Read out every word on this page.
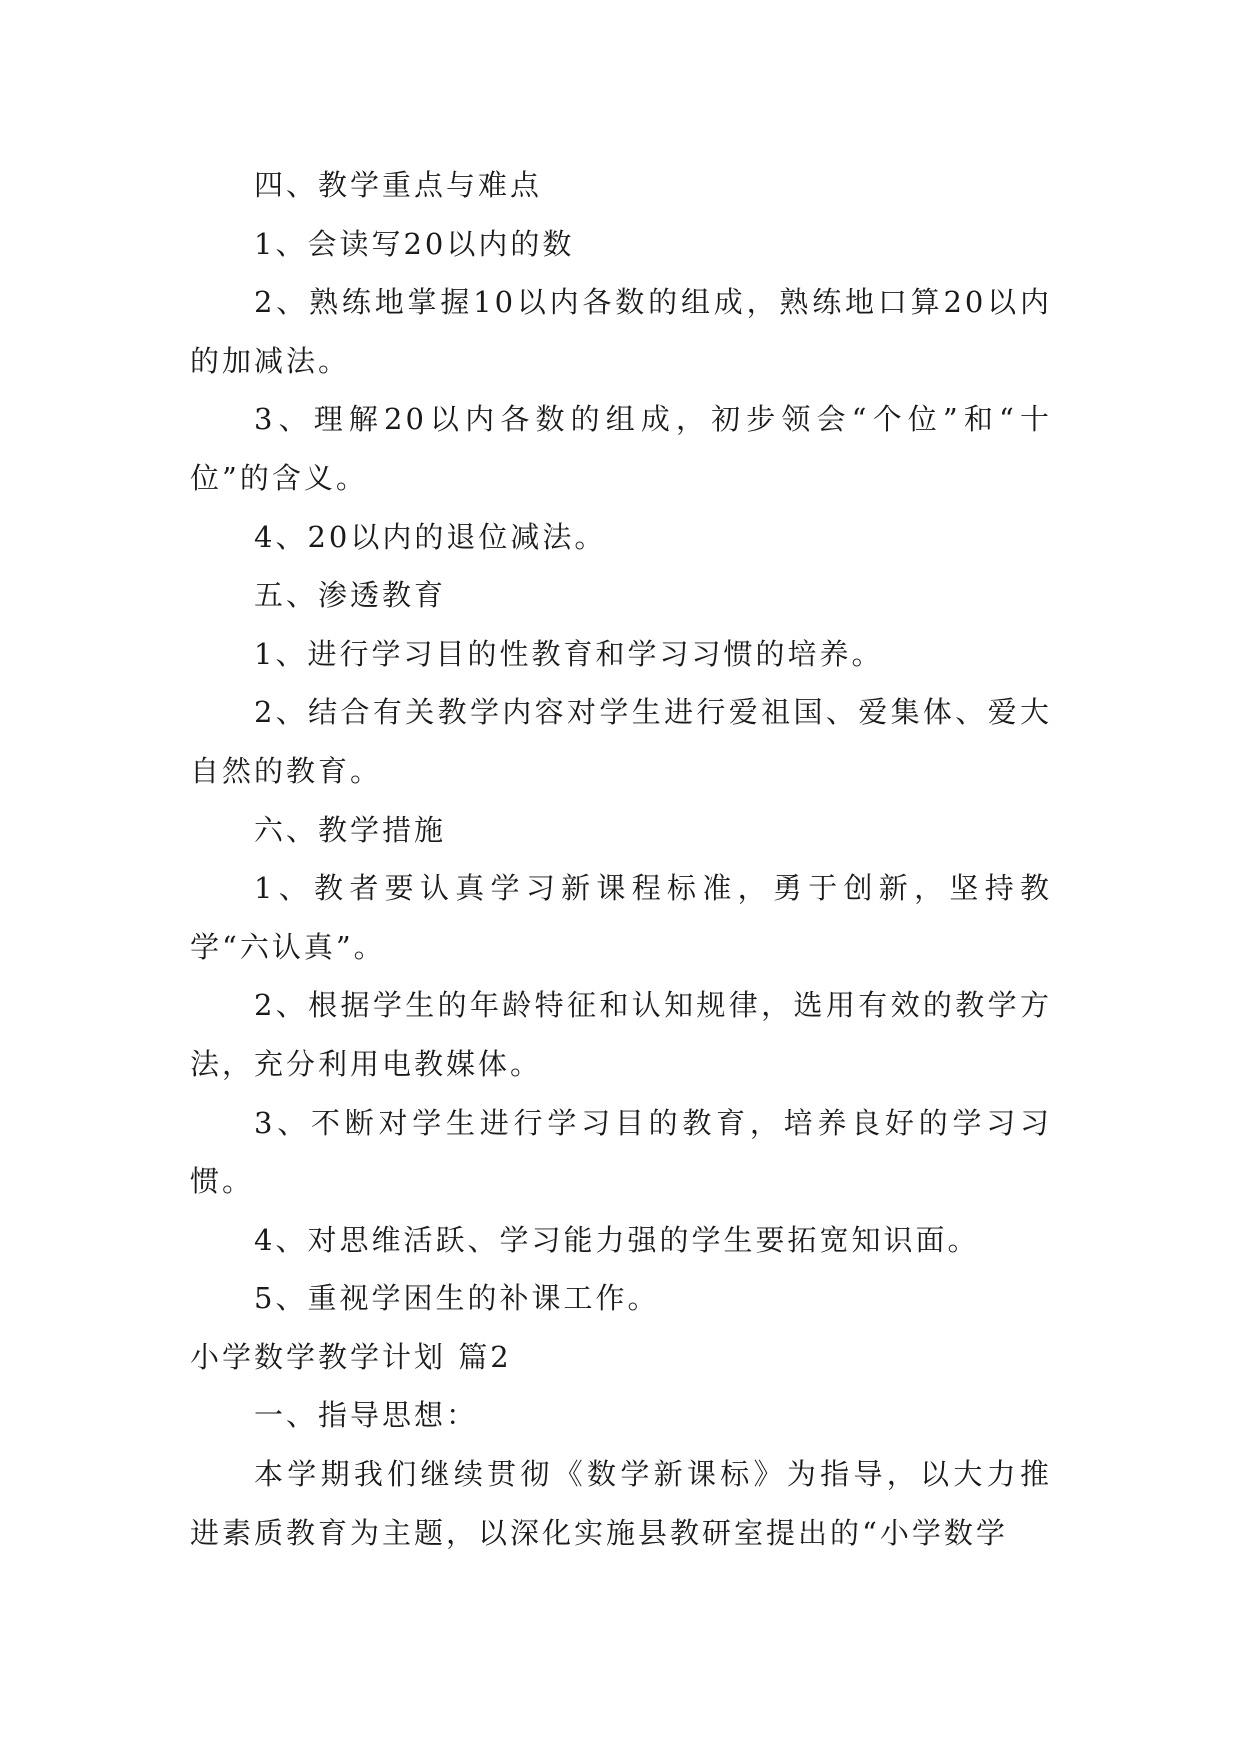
四、教学重点与难点

1、会读写20以内的数

2、熟练地掌握10以内各数的组成，熟练地口算20以内的加减法。

3、理解20以内各数的组成，初步领会“个位”和“十位”的含义。

4、20以内的退位减法。

五、渗透教育

1、进行学习目的性教育和学习习惯的培养。

2、结合有关教学内容对学生进行爱祖国、爱集体、爱大自然的教育。

六、教学措施

1、教者要认真学习新课程标准，勇于创新，坚持教学“六认真”。

2、根据学生的年龄特征和认知规律，选用有效的教学方法，充分利用电教媒体。

3、不断对学生进行学习目的教育，培养良好的学习习惯。

4、对思维活跃、学习能力强的学生要拓宽知识面。

5、重视学困生的补课工作。

小学数学教学计划 篇2

一、指导思想：

本学期我们继续贯彻《数学新课标》为指导，以大力推进素质教育为主题，以深化实施县教研室提出的“小学数学
